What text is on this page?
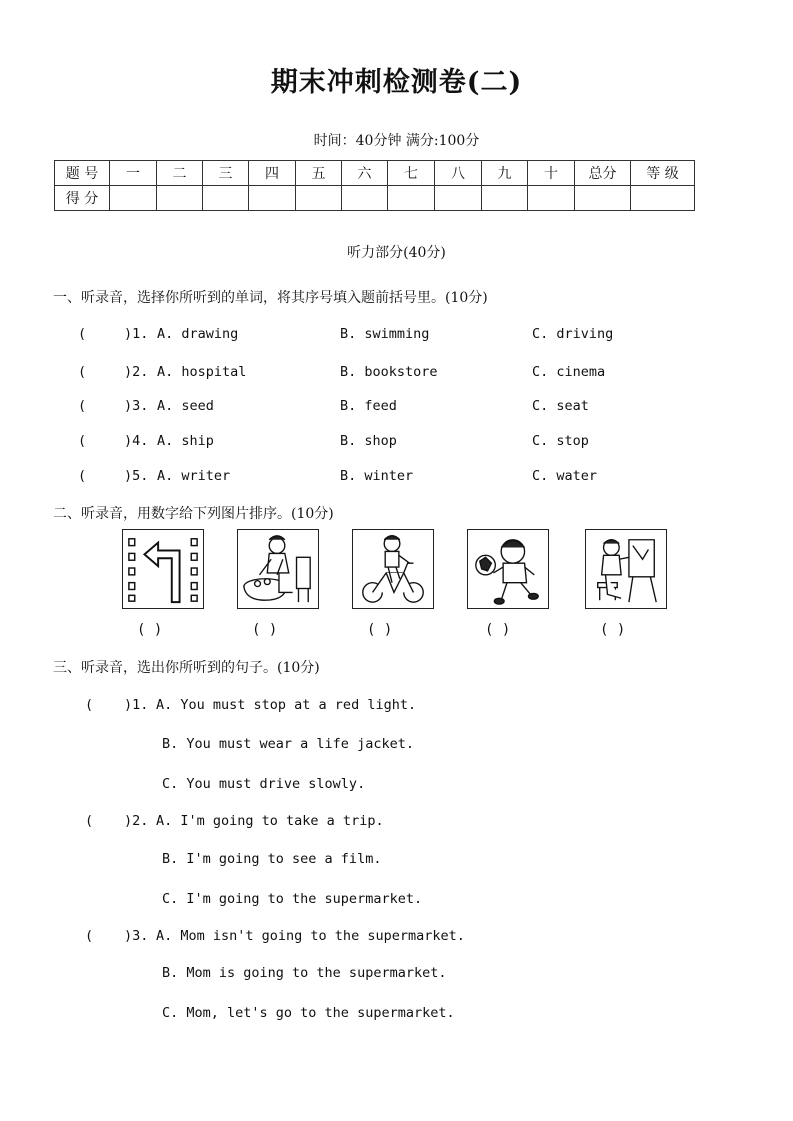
期末冲刺检测卷(二)
时间：40分钟 满分:100分
题 号	一	二	三	四	五	六	七	八	九	十	总分	等 级
得 分												
听力部分(40分)
一、听录音，选择你所听到的单词，将其序号填入题前括号里。(10分)
(	)1. A. drawing	B. swimming	C. driving
(	)2. A. hospital	B. bookstore	C. cinema
(	)3. A. seed	B. feed	C. seat
(	)4. A. ship	B. shop	C. stop
(	)5. A. writer	B. winter	C. water
二、听录音，用数字给下列图片排序。(10分)
( )	( )	( )	( )	( )
三、听录音，选出你所听到的句子。(10分)
( )1. A. You must stop at a red light.
B. You must wear a life jacket.
C. You must drive slowly.
( )2. A. I'm going to take a trip.
B. I'm going to see a film.
C. I'm going to the supermarket.
( )3. A. Mom isn't going to the supermarket.
B. Mom is going to the supermarket.
C. Mom, let's go to the supermarket.
